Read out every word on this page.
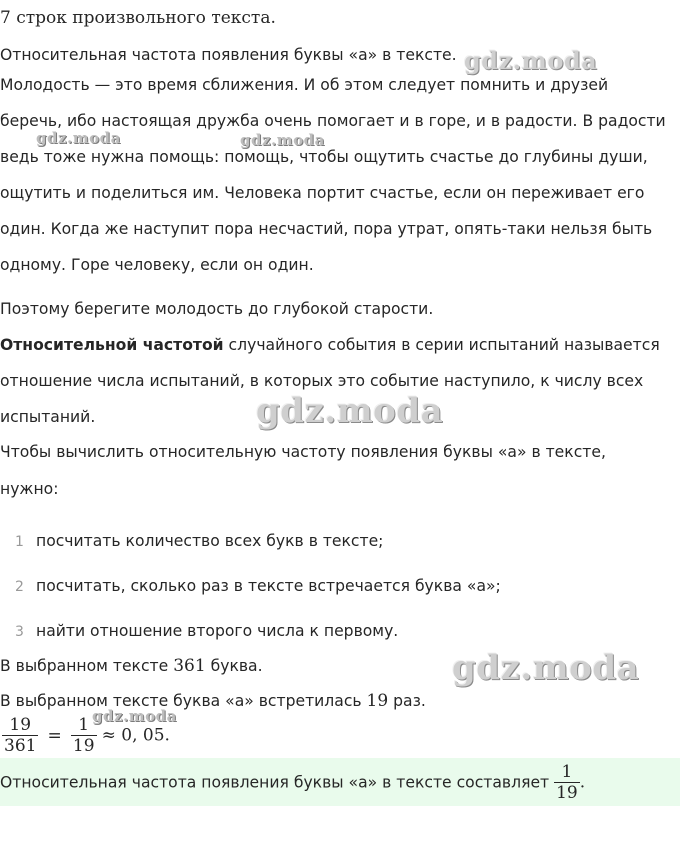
7 строк произвольного текста.
Относительная частота появления буквы «а» в тексте.
Молодость — это время сближения. И об этом следует помнить и друзей
беречь, ибо настоящая дружба очень помогает и в горе, и в радости. В радости
ведь тоже нужна помощь: помощь, чтобы ощутить счастье до глубины души,
ощутить и поделиться им. Человека портит счастье, если он переживает его
один. Когда же наступит пора несчастий, пора утрат, опять-таки нельзя быть
одному. Горе человеку, если он один.
Поэтому берегите молодость до глубокой старости.
Относительной частотой случайного события в серии испытаний называется
отношение числа испытаний, в которых это событие наступило, к числу всех
испытаний.
Чтобы вычислить относительную частоту появления буквы «а» в тексте,
нужно:
1 посчитать количество всех букв в тексте;
2 посчитать, сколько раз в тексте встречается буква «а»;
3 найти отношение второго числа к первому.
В выбранном тексте 361 буква.
В выбранном тексте буква «а» встретилась 19 раз.
$\frac{19}{361} = \frac{1}{19} \approx 0$, 05.
Относительная частота появления буквы «а» в тексте составляет $\frac{1}{19}$ .
gdz.moda
gdz.moda	gdz.moda
gdz.moda
gdz.moda
gdz.moda
